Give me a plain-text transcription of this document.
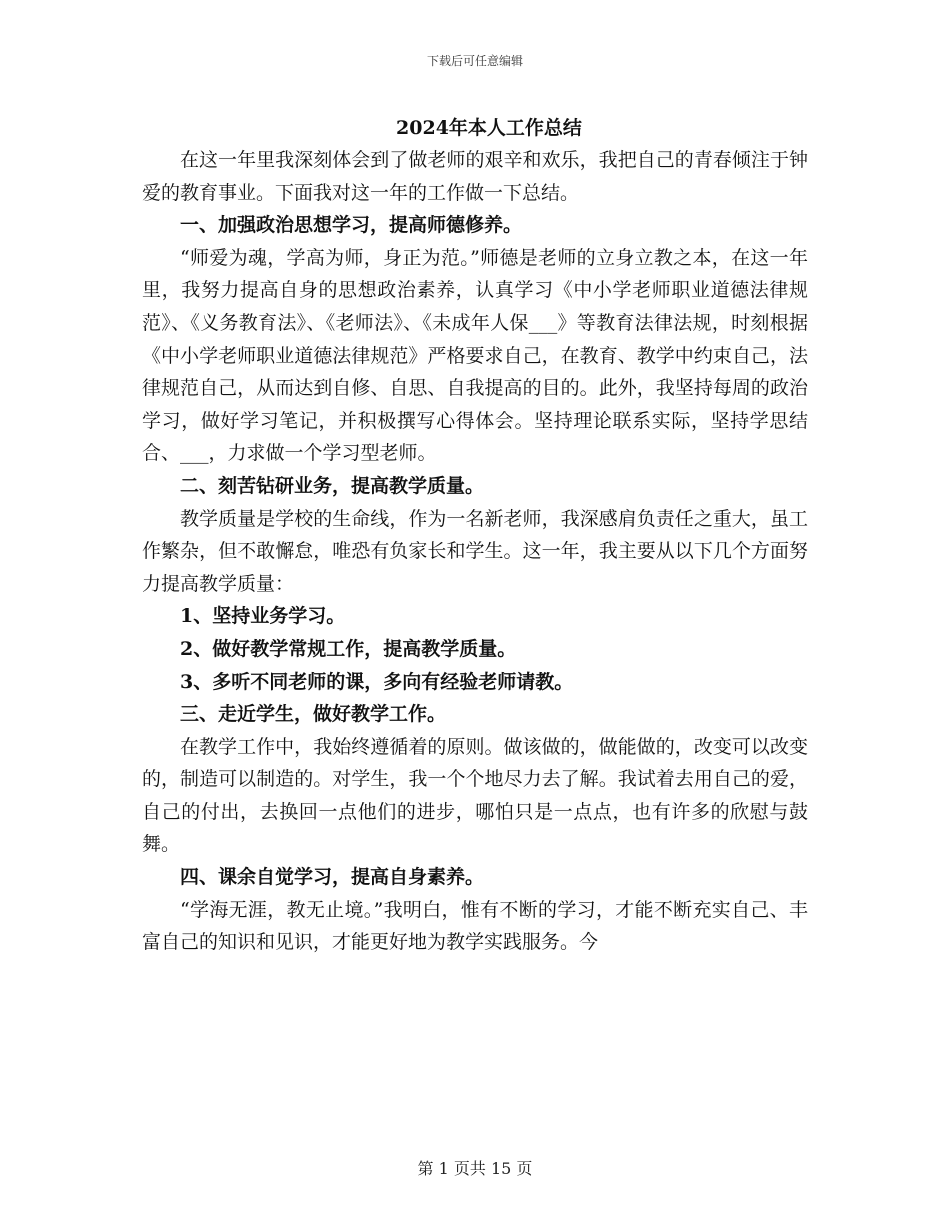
下载后可任意编辑
2024年本人工作总结

在这一年里我深刻体会到了做老师的艰辛和欢乐，我把自己的青春倾注于钟爱的教育事业。下面我对这一年的工作做一下总结。

一、加强政治思想学习，提高师德修养。

“师爱为魂，学高为师，身正为范。”师德是老师的立身立教之本，在这一年里，我努力提高自身的思想政治素养，认真学习《中小学老师职业道德法律规范》、《义务教育法》、《老师法》、《未成年人保___》等教育法律法规，时刻根据《中小学老师职业道德法律规范》严格要求自己，在教育、教学中约束自己，法律规范自己，从而达到自修、自思、自我提高的目的。此外，我坚持每周的政治学习，做好学习笔记，并积极撰写心得体会。坚持理论联系实际，坚持学思结合、___，力求做一个学习型老师。

二、刻苦钻研业务，提高教学质量。

教学质量是学校的生命线，作为一名新老师，我深感肩负责任之重大，虽工作繁杂，但不敢懈怠，唯恐有负家长和学生。这一年，我主要从以下几个方面努力提高教学质量：

1、坚持业务学习。

2、做好教学常规工作，提高教学质量。

3、多听不同老师的课，多向有经验老师请教。

三、走近学生，做好教学工作。

在教学工作中，我始终遵循着的原则。做该做的，做能做的，改变可以改变的，制造可以制造的。对学生，我一个个地尽力去了解。我试着去用自己的爱，自己的付出，去换回一点他们的进步，哪怕只是一点点，也有许多的欣慰与鼓舞。

四、课余自觉学习，提高自身素养。

“学海无涯，教无止境。”我明白，惟有不断的学习，才能不断充实自己、丰富自己的知识和见识，才能更好地为教学实践服务。今

第 1 页共 15 页
